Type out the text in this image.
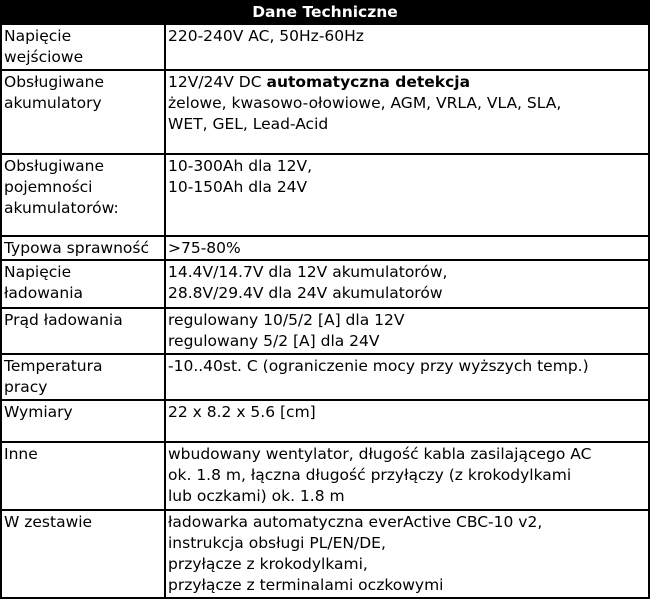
Dane Techniczne	

Napięcie
wejściowe	220-240V AC, 50Hz-60Hz

Obsługiwane
akumulatory	12V/24V DC automatyczna detekcja
żelowe, kwasowo-ołowiowe, AGM, VRLA, VLA, SLA,
WET, GEL, Lead-Acid

Obsługiwane
pojemności
akumulatorów:	10-300Ah dla 12V,
10-150Ah dla 24V

Typowa sprawność	>75-80%

Napięcie
ładowania	14.4V/14.7V dla 12V akumulatorów,
28.8V/29.4V dla 24V akumulatorów

Prąd ładowania	regulowany 10/5/2 [A] dla 12V
regulowany 5/2 [A] dla 24V

Temperatura
pracy	-10..40st. C (ograniczenie mocy przy wyższych temp.)

Wymiary	22 x 8.2 x 5.6 [cm]

Inne	wbudowany wentylator, długość kabla zasilającego AC
ok. 1.8 m, łączna długość przyłączy (z krokodylkami
lub oczkami) ok. 1.8 m

W zestawie	ładowarka automatyczna everActive CBC-10 v2,
instrukcja obsługi PL/EN/DE,
przyłącze z krokodylkami,
przyłącze z terminalami oczkowymi
